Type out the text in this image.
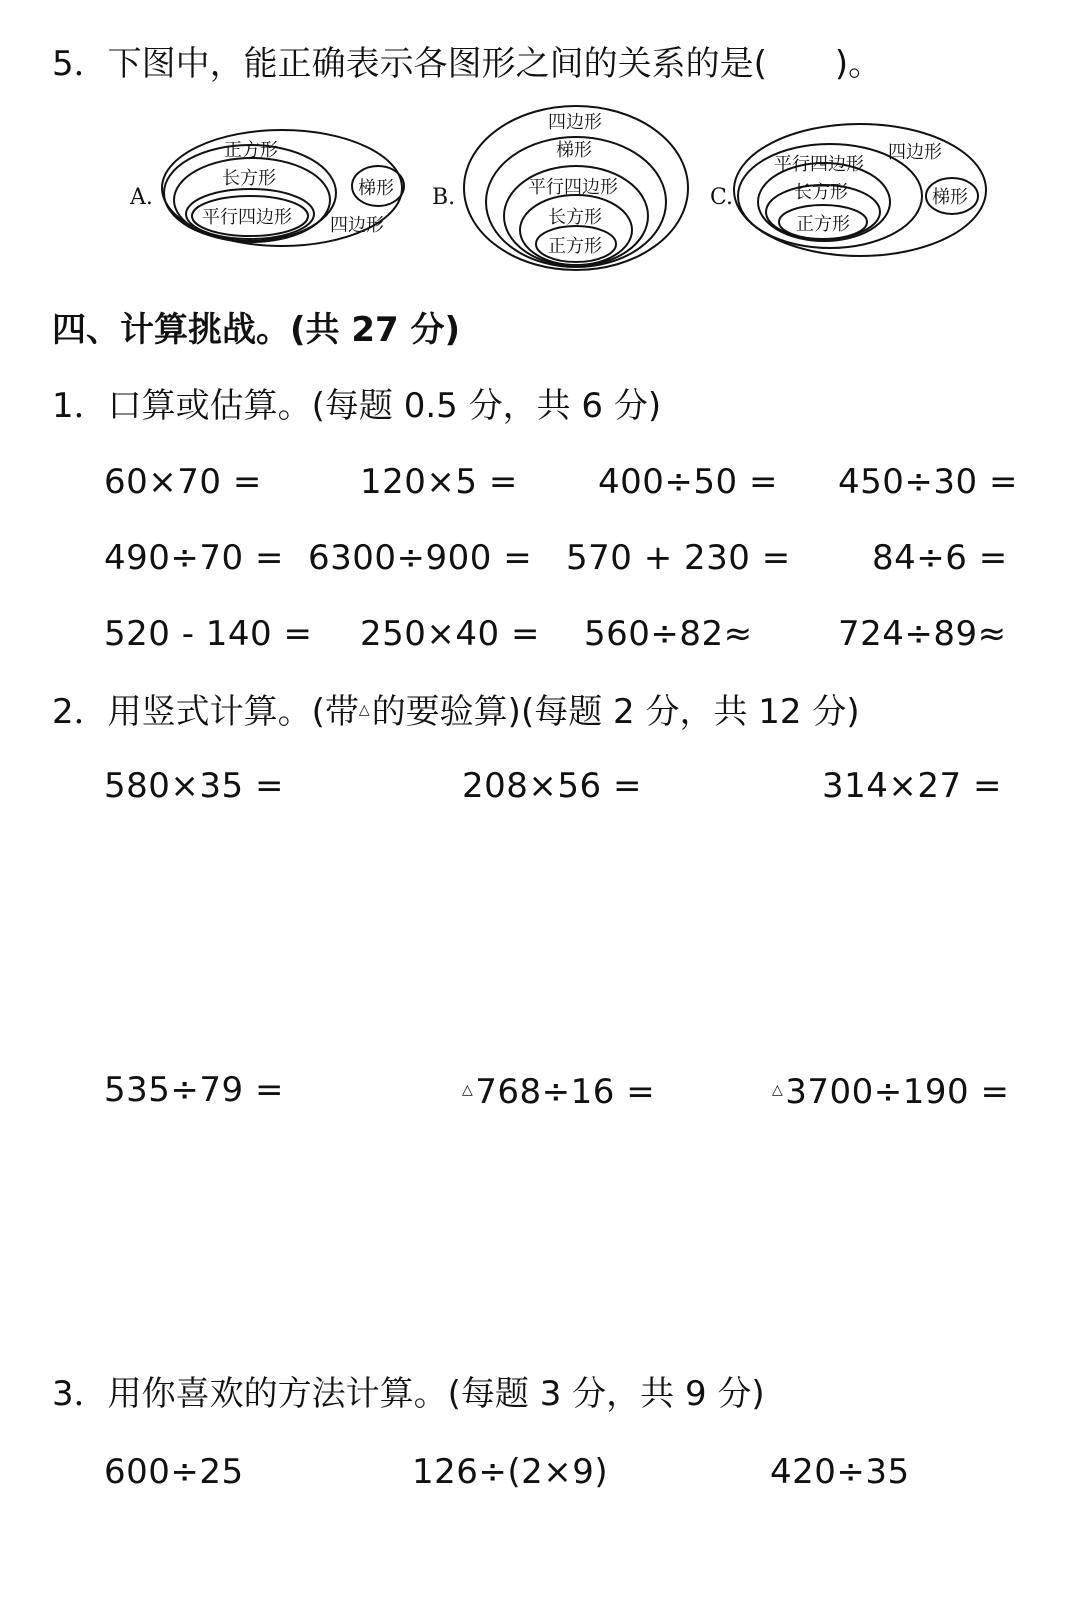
5．下图中，能正确表示各图形之间的关系的是(　　)。
A.
正方形
长方形
平行四边形
梯形
四边形
B.
四边形
梯形
平行四边形
长方形
正方形
C.
平行四边形
四边形
长方形	梯形
正方形
四、计算挑战。(共 27 分)
1．口算或估算。(每题 0.5 分，共 6 分)
60×70 =	120×5 = 400÷50 = 450÷30 =
490÷70 = 6300÷900 = 570 + 230 = 84÷6 =
520 - 140 = 250×40 = 560÷82≈	724÷89≈
2．用竖式计算。(带△的要验算)(每题 2 分，共 12 分)
580×35 =	208×56 =	314×27 =
535÷79 =	△768÷16 =	△3700÷190 =
3．用你喜欢的方法计算。(每题 3 分，共 9 分)
600÷25	126÷(2×9)	420÷35
